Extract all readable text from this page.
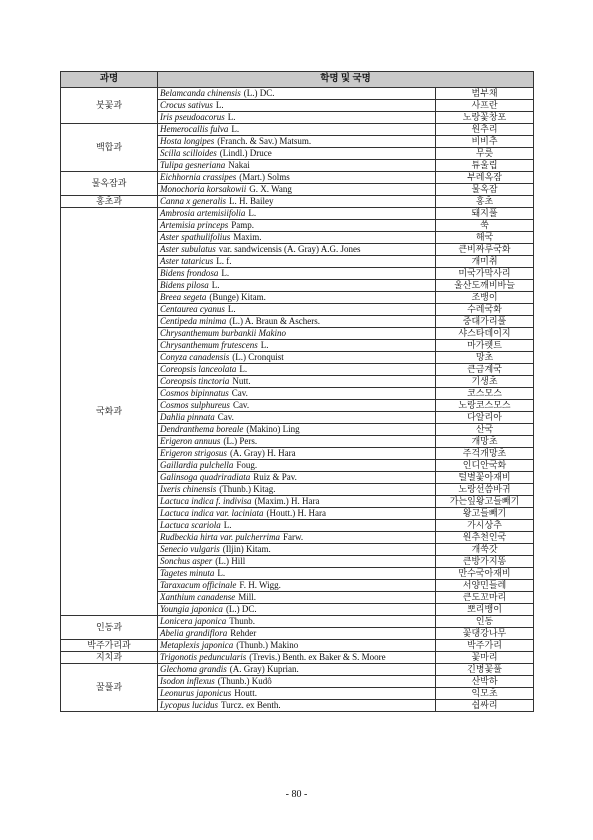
과명	학명 및 국명	
붓꽃과	Belamcanda chinensis (L.) DC.	범부채
	Crocus sativus L.	사프란
	Iris pseudoacorus L.	노랑꽃창포
백합과	Hemerocallis fulva L.	원추리
	Hosta longipes (Franch. & Sav.) Matsum.	비비추
	Scilla scilloides (Lindl.) Druce	무릇
	Tulipa gesneriana Nakai	튜울립
물옥잠과	Eichhornia crassipes (Mart.) Solms	부레옥잠
	Monochoria korsakowii G. X. Wang	물옥잠
홍초과	Canna x generalis L. H. Bailey	홍초
국화과	Ambrosia artemisiifolia L.	돼지풀
	Artemisia princeps Pamp.	쑥
	Aster spathulifolius Maxim.	해국
	Aster subulatus var. sandwicensis (A. Gray) A.G. Jones	큰비짜루국화
	Aster tataricus L. f.	개미취
	Bidens frondosa L.	미국가막사리
	Bidens pilosa L.	울산도깨비바늘
	Breea segeta (Bunge) Kitam.	조뱅이
	Centaurea cyanus L.	수레국화
	Centipeda minima (L.) A. Braun & Aschers.	중대가리풀
	Chrysanthemum burbankii Makino	샤스타데이지
	Chrysanthemum frutescens L.	마가렛트
	Conyza canadensis (L.) Cronquist	망초
	Coreopsis lanceolata L.	큰금계국
	Coreopsis tinctoria Nutt.	기생초
	Cosmos bipinnatus Cav.	코스모스
	Cosmos sulphureus Cav.	노랑코스모스
	Dahlia pinnata Cav.	다알리아
	Dendranthema boreale (Makino) Ling	산국
	Erigeron annuus (L.) Pers.	개망초
	Erigeron strigosus (A. Gray) H. Hara	주걱개망초
	Gaillardia pulchella Foug.	인디안국화
	Galinsoga quadriradiata Ruiz & Pav.	털별꽃아재비
	Ixeris chinensis (Thunb.) Kitag.	노랑선씀바귀
	Lactuca indica f. indivisa (Maxim.) H. Hara	가는잎왕고들빼기
	Lactuca indica var. laciniata (Houtt.) H. Hara	왕고들빼기
	Lactuca scariola L.	가시상추
	Rudbeckia hirta var. pulcherrima Farw.	원추천인국
	Senecio vulgaris (Iljin) Kitam.	개쑥갓
	Sonchus asper (L.) Hill	큰방가지똥
	Tagetes minuta L.	만수국아재비
	Taraxacum officinale F. H. Wigg.	서양민들레
	Xanthium canadense Mill.	큰도꼬마리
	Youngia japonica (L.) DC.	뽀리뱅이
인동과	Lonicera japonica Thunb.	인동
	Abelia grandiflora Rehder	꽃댕강나무
박주가리과	Metaplexis japonica (Thunb.) Makino	박주가리
지치과	Trigonotis peduncularis (Trevis.) Benth. ex Baker & S. Moore	꽃마리
꿀풀과	Glechoma grandis (A. Gray) Kuprian.	긴병꽃풀
	Isodon inflexus (Thunb.) Kudô	산박하
	Leonurus japonicus Houtt.	익모초
	Lycopus lucidus Turcz. ex Benth.	쉽싸리
- 80 -
